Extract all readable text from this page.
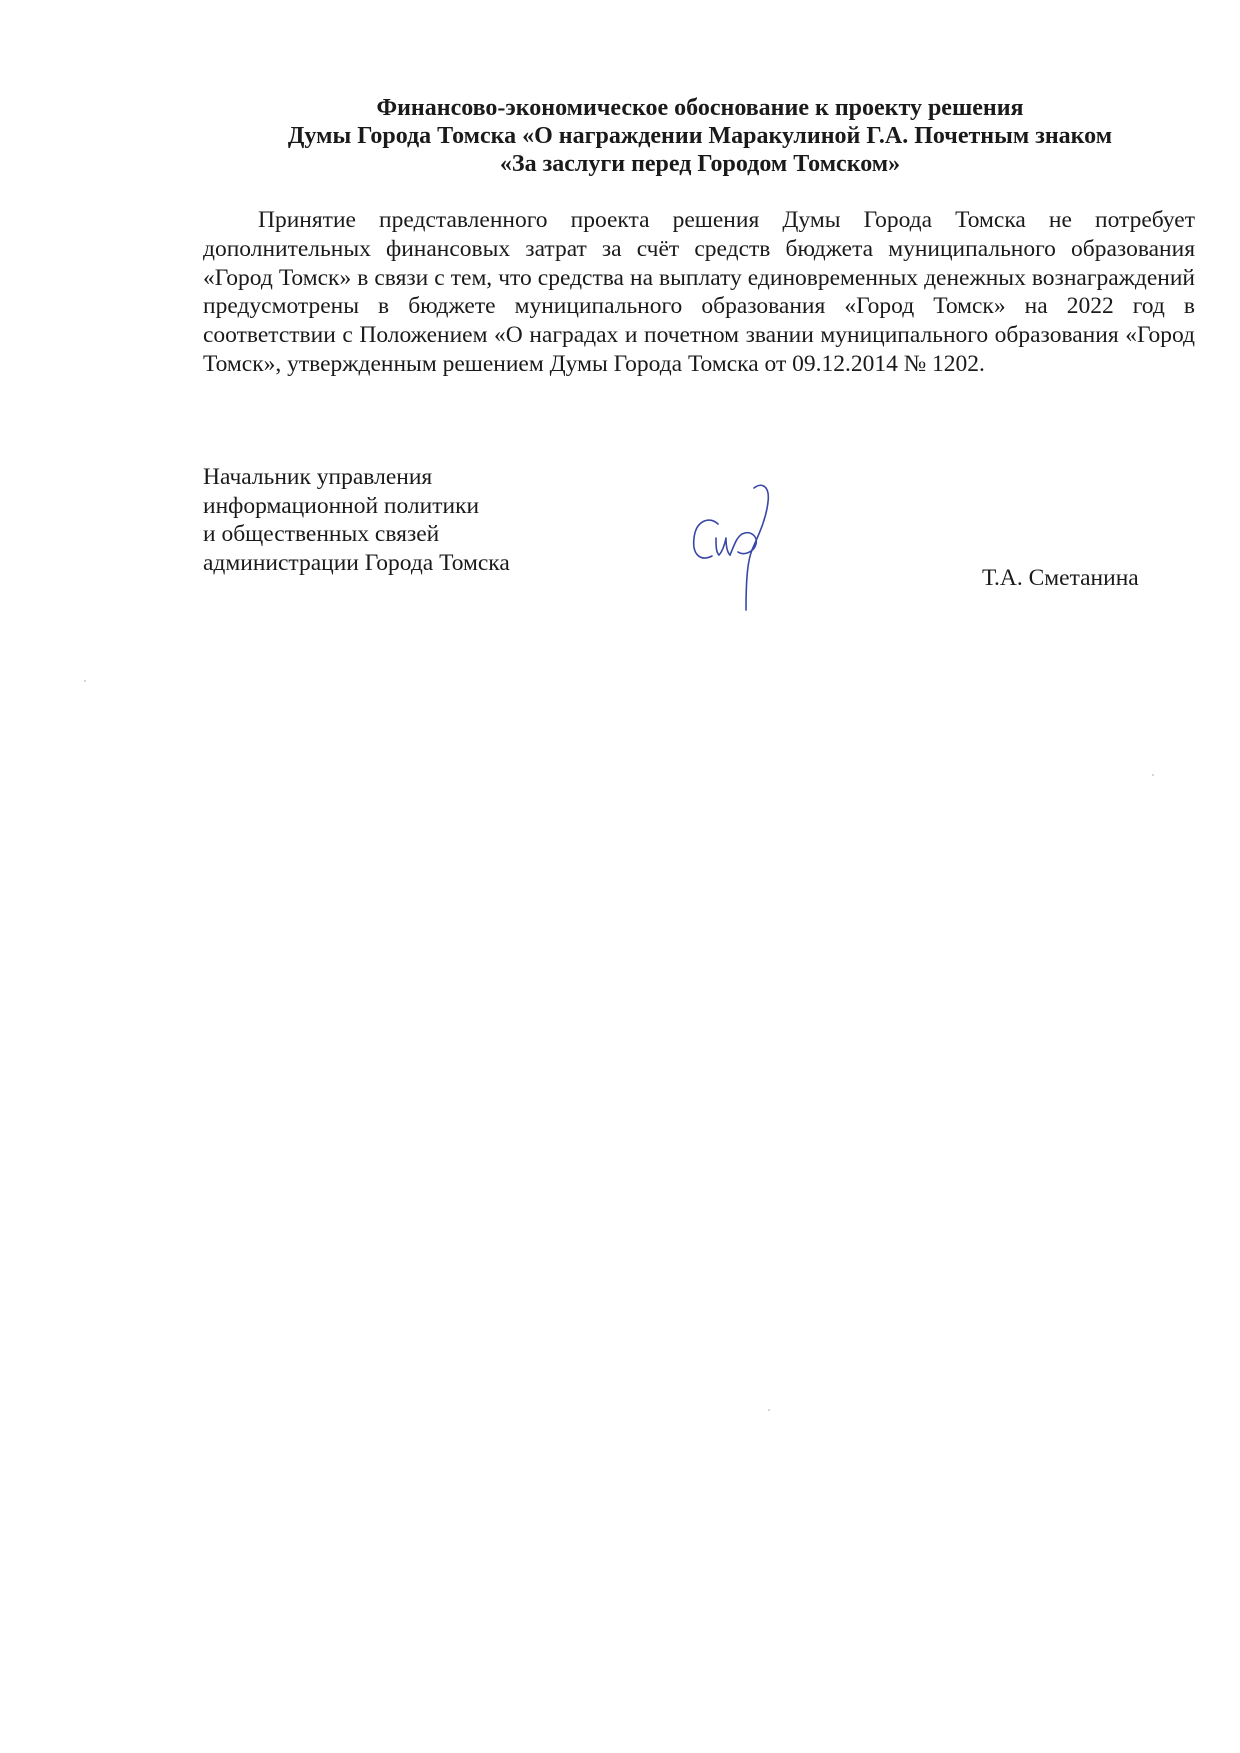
Финансово-экономическое обоснование к проекту решения
Думы Города Томска «О награждении Маракулиной Г.А. Почетным знаком
«За заслуги перед Городом Томском»

Принятие представленного проекта решения Думы Города Томска не потребует дополнительных финансовых затрат за счёт средств бюджета муниципального образования «Город Томск» в связи с тем, что средства на выплату единовременных денежных вознаграждений предусмотрены в бюджете муниципального образования «Город Томск» на 2022 год в соответствии с Положением «О наградах и почетном звании муниципального образования «Город Томск», утвержденным решением Думы Города Томска от 09.12.2014 № 1202.

Начальник управления
информационной политики
и общественных связей
администрации Города Томска
Т.А. Сметанина
